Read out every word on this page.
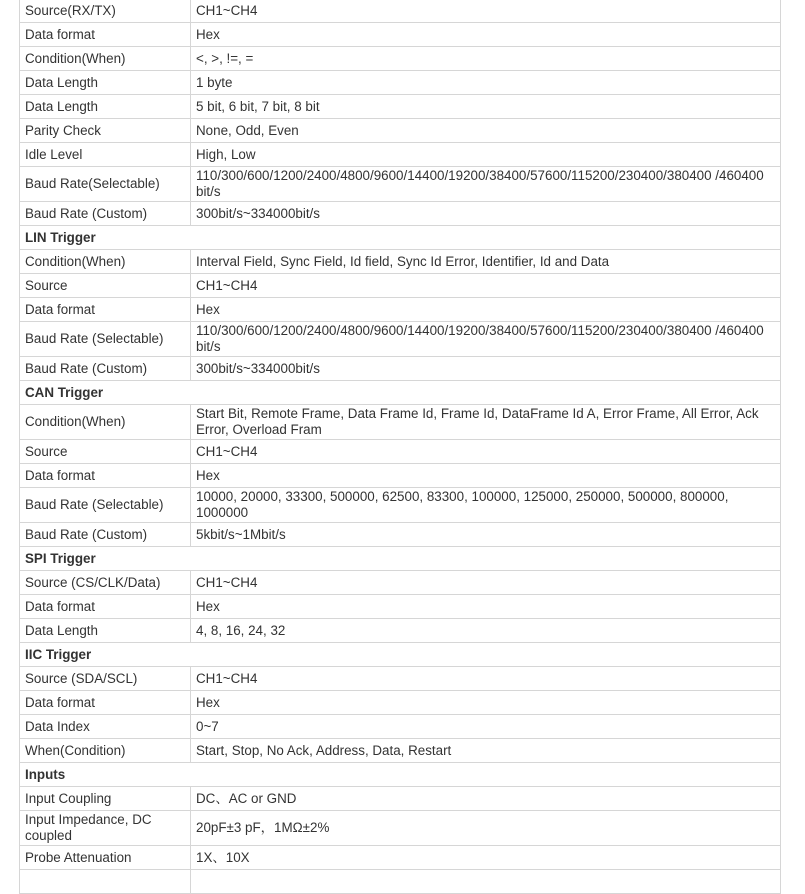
Source(RX/TX)	CH1~CH4
Data format	Hex
Condition(When)	<, >, !=, =
Data Length	1 byte
Data Length	5 bit, 6 bit, 7 bit, 8 bit
Parity Check	None, Odd, Even
Idle Level	High, Low
Baud Rate(Selectable)	110/300/600/1200/2400/4800/9600/14400/19200/38400/57600/115200/230400/380400 /460400 bit/s
Baud Rate (Custom)	300bit/s~334000bit/s
LIN Trigger	
Condition(When)	Interval Field, Sync Field, Id field, Sync Id Error, Identifier, Id and Data
Source	CH1~CH4
Data format	Hex
Baud Rate (Selectable)	110/300/600/1200/2400/4800/9600/14400/19200/38400/57600/115200/230400/380400 /460400 bit/s
Baud Rate (Custom)	300bit/s~334000bit/s
CAN Trigger	
Condition(When)	Start Bit, Remote Frame, Data Frame Id, Frame Id, DataFrame Id A, Error Frame, All Error, Ack Error, Overload Fram
Source	CH1~CH4
Data format	Hex
Baud Rate (Selectable)	10000, 20000, 33300, 500000, 62500, 83300, 100000, 125000, 250000, 500000, 800000, 1000000
Baud Rate (Custom)	5kbit/s~1Mbit/s
SPI Trigger	
Source (CS/CLK/Data)	CH1~CH4
Data format	Hex
Data Length	4, 8, 16, 24, 32
IIC Trigger	
Source (SDA/SCL)	CH1~CH4
Data format	Hex
Data Index	0~7
When(Condition)	Start, Stop, No Ack, Address, Data, Restart
Inputs	
Input Coupling	DC、AC or GND
Input Impedance, DC coupled	20pF±3 pF，1MΩ±2%
Probe Attenuation	1X、10X
